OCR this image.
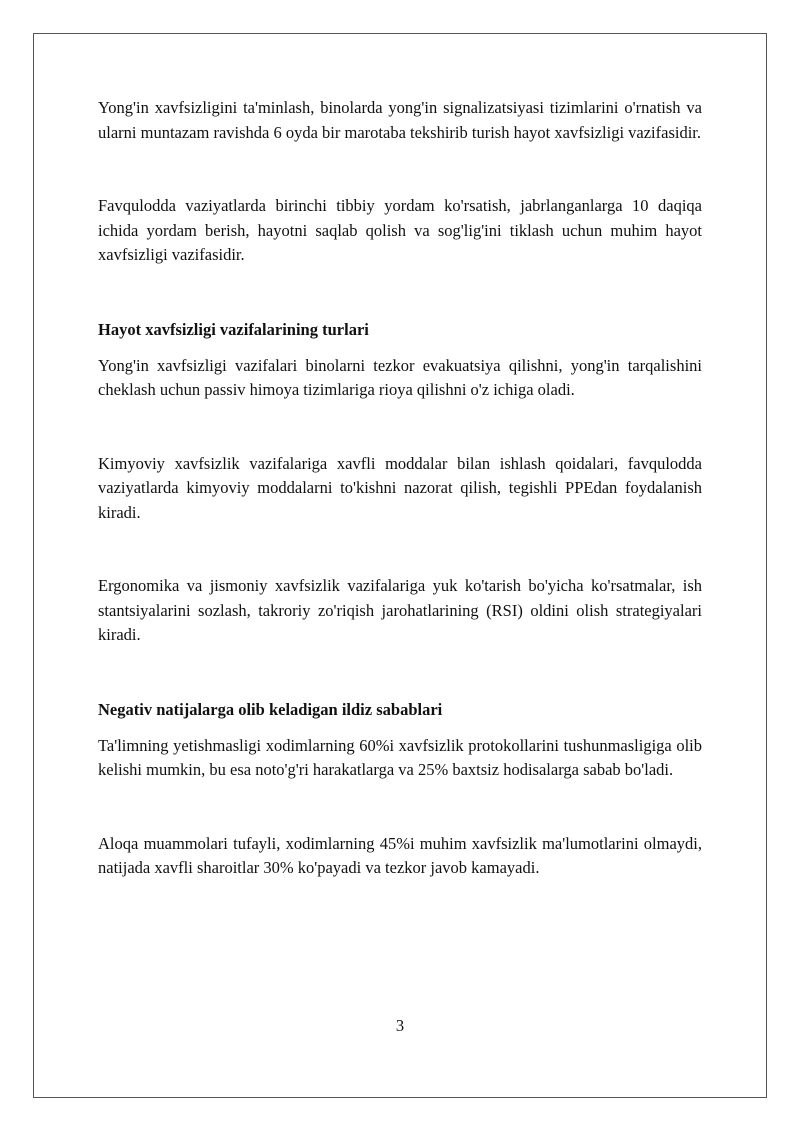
Yong'in xavfsizligini ta'minlash, binolarda yong'in signalizatsiyasi tizimlarini o'rnatish va ularni muntazam ravishda 6 oyda bir marotaba tekshirib turish hayot xavfsizligi vazifasidir.

Favqulodda vaziyatlarda birinchi tibbiy yordam ko'rsatish, jabrlanganlarga 10 daqiqa ichida yordam berish, hayotni saqlab qolish va sog'lig'ini tiklash uchun muhim hayot xavfsizligi vazifasidir.

Hayot xavfsizligi vazifalarining turlari

Yong'in xavfsizligi vazifalari binolarni tezkor evakuatsiya qilishni, yong'in tarqalishini cheklash uchun passiv himoya tizimlariga rioya qilishni o'z ichiga oladi.

Kimyoviy xavfsizlik vazifalariga xavfli moddalar bilan ishlash qoidalari, favqulodda vaziyatlarda kimyoviy moddalarni to'kishni nazorat qilish, tegishli PPEdan foydalanish kiradi.

Ergonomika va jismoniy xavfsizlik vazifalariga yuk ko'tarish bo'yicha ko'rsatmalar, ish stantsiyalarini sozlash, takroriy zo'riqish jarohatlarining (RSI) oldini olish strategiyalari kiradi.

Negativ natijalarga olib keladigan ildiz sabablari

Ta'limning yetishmasligi xodimlarning 60%i xavfsizlik protokollarini tushunmasligiga olib kelishi mumkin, bu esa noto'g'ri harakatlarga va 25% baxtsiz hodisalarga sabab bo'ladi.

Aloqa muammolari tufayli, xodimlarning 45%i muhim xavfsizlik ma'lumotlarini olmaydi, natijada xavfli sharoitlar 30% ko'payadi va tezkor javob kamayadi.

3
